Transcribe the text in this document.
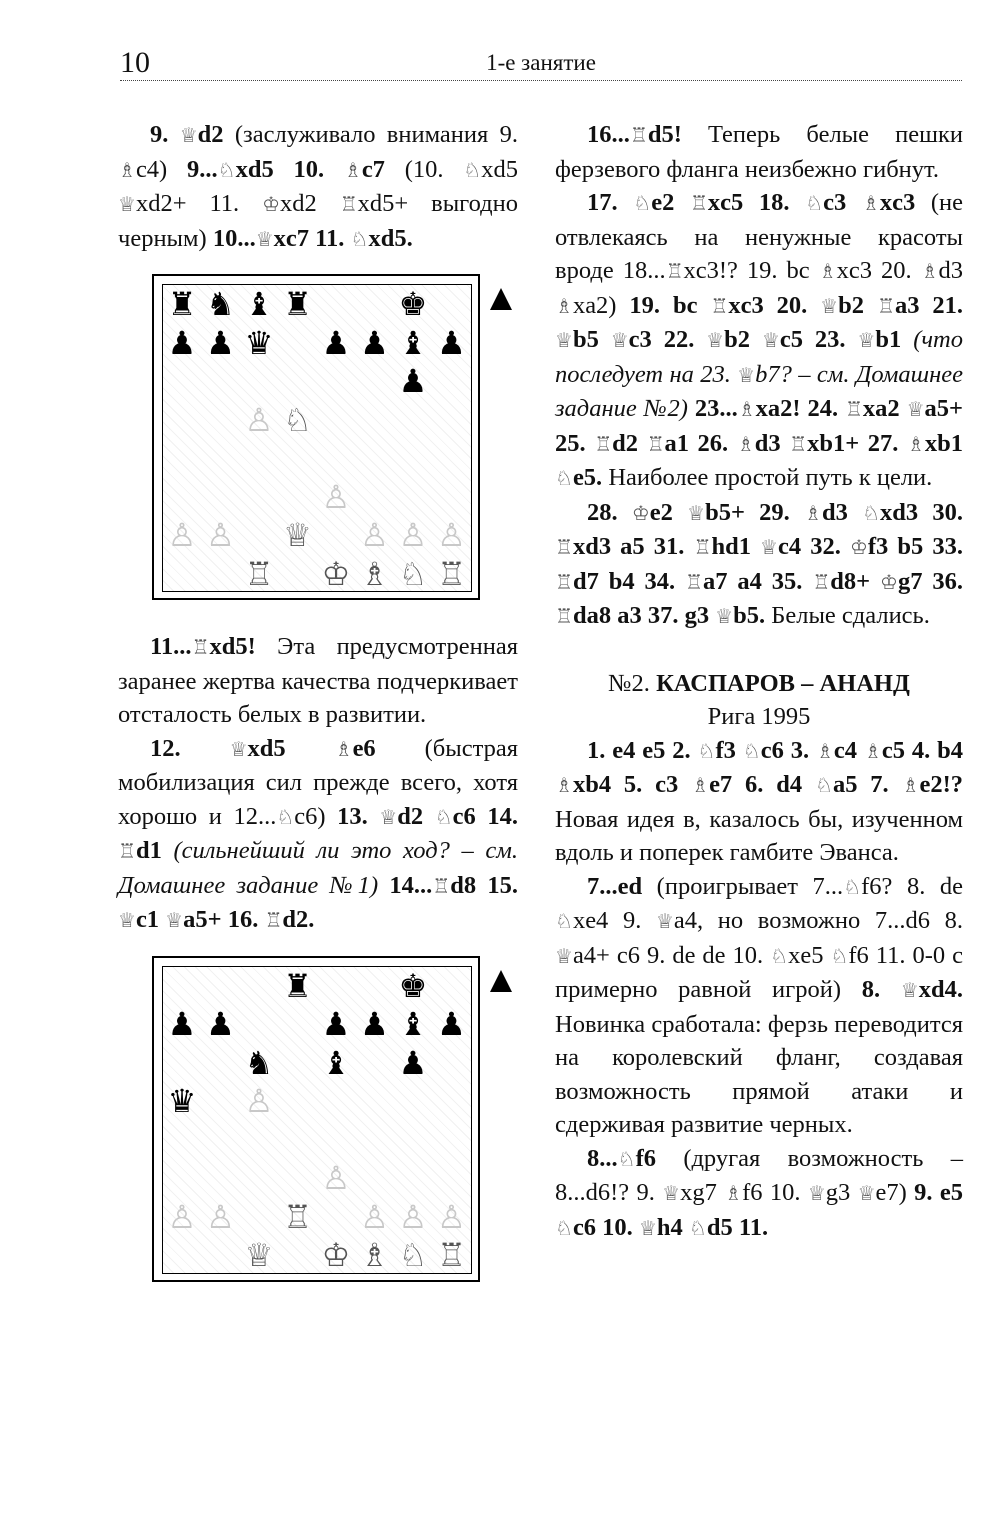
10	1-е занятие

9. ♕d2 (заслуживало внимания 9. ♗c4) 9...♘xd5 10. ♗c7 (10. ♘xd5 ♕xd2+ 11. ♔xd2 ♖xd5+ выгодно черным) 10...♕xc7 11. ♘xd5.

♜ ♞ ♝ ♜	♚
♟ ♟ ♛ ♟ ♟ ♝ ♟
♟
♙ ♘
♙
♙ ♙ ♕ ♙ ♙ ♙
♖ ♔ ♗ ♘ ♖

11...♖xd5! Эта предусмотренная заранее жертва качества подчеркивает отсталость белых в развитии.

12. ♕xd5 ♗e6 (быстрая мобилизация сил прежде всего, хотя хорошо и 12...♘c6) 13. ♕d2 ♘c6 14. ♖d1 (сильнейший ли это ход? – см. Домашнее задание №1) 14...♖d8 15. ♕c1 ♕a5+ 16. ♖d2.

♜	♚
♟ ♟	♟ ♟ ♝ ♟
♞ ♝ ♟
♛ ♙
♙
♙ ♙ ♖ ♙ ♙ ♙
♕ ♔ ♗ ♘ ♖

16...♖d5! Теперь белые пешки ферзевого фланга неизбежно гибнут.

17. ♘e2 ♖xc5 18. ♘c3 ♗xc3 (не отвлекаясь на ненужные красоты вроде 18...♖xc3!? 19. bc ♗xc3 20. ♗d3 ♗xa2) 19. bc ♖xc3 20. ♕b2 ♖a3 21. ♕b5 ♕c3 22. ♕b2 ♕c5 23. ♕b1 (что последует на 23. ♕b7? – см. Домашнее задание №2) 23...♗xa2! 24. ♖xa2 ♕a5+ 25. ♖d2 ♖a1 26. ♗d3 ♖xb1+ 27. ♗xb1 ♘e5. Наиболее простой путь к цели.

28. ♔e2 ♕b5+ 29. ♗d3 ♘xd3 30. ♖xd3 a5 31. ♖hd1 ♕c4 32. ♔f3 b5 33. ♖d7 b4 34. ♖a7 a4 35. ♖d8+ ♔g7 36. ♖da8 a3 37. g3 ♕b5. Белые сдались.

№2. КАСПАРОВ – АНАНД

Рига 1995

1. e4 e5 2. ♘f3 ♘c6 3. ♗c4 ♗c5 4. b4 ♗xb4 5. c3 ♗e7 6. d4 ♘a5 7. ♗e2!? Новая идея в, казалось бы, изученном вдоль и поперек гамбите Эванса.

7...ed (проигрывает 7...♘f6? 8. de ♘xe4 9. ♕a4, но возможно 7...d6 8. ♕a4+ c6 9. de de 10. ♘xe5 ♘f6 11. 0-0 с примерно равной игрой) 8. ♕xd4. Новинка сработала: ферзь переводится на королевский фланг, создавая возможность прямой атаки и сдерживая развитие черных.

8...♘f6 (другая возможность – 8...d6!? 9. ♕xg7 ♗f6 10. ♕g3 ♕e7) 9. e5 ♘c6 10. ♕h4 ♘d5 11.
